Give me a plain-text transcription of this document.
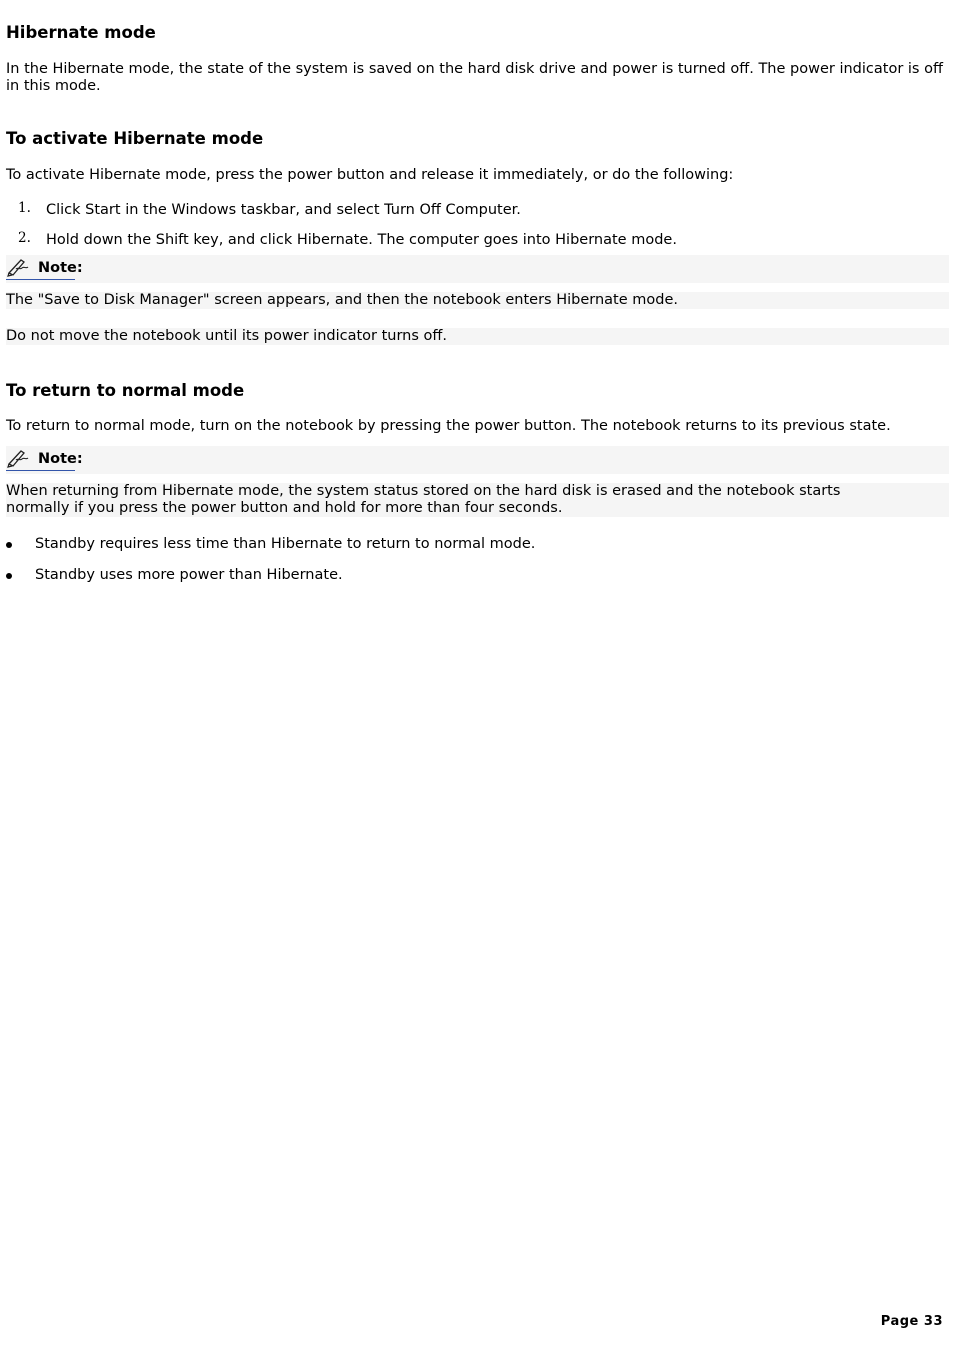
Hibernate mode

In the Hibernate mode, the state of the system is saved on the hard disk drive and power is turned off. The power indicator is off in this mode.

To activate Hibernate mode

To activate Hibernate mode, press the power button and release it immediately, or do the following:

1. Click Start in the Windows taskbar, and select Turn Off Computer.
2. Hold down the Shift key, and click Hibernate. The computer goes into Hibernate mode.
Note:
The "Save to Disk Manager" screen appears, and then the notebook enters Hibernate mode.
Do not move the notebook until its power indicator turns off.
To return to normal mode

To return to normal mode, turn on the notebook by pressing the power button. The notebook returns to its previous state.

Note:
When returning from Hibernate mode, the system status stored on the hard disk is erased and the notebook starts normally if you press the power button and hold for more than four seconds.
Standby requires less time than Hibernate to return to normal mode.
Standby uses more power than Hibernate.
Page 33
